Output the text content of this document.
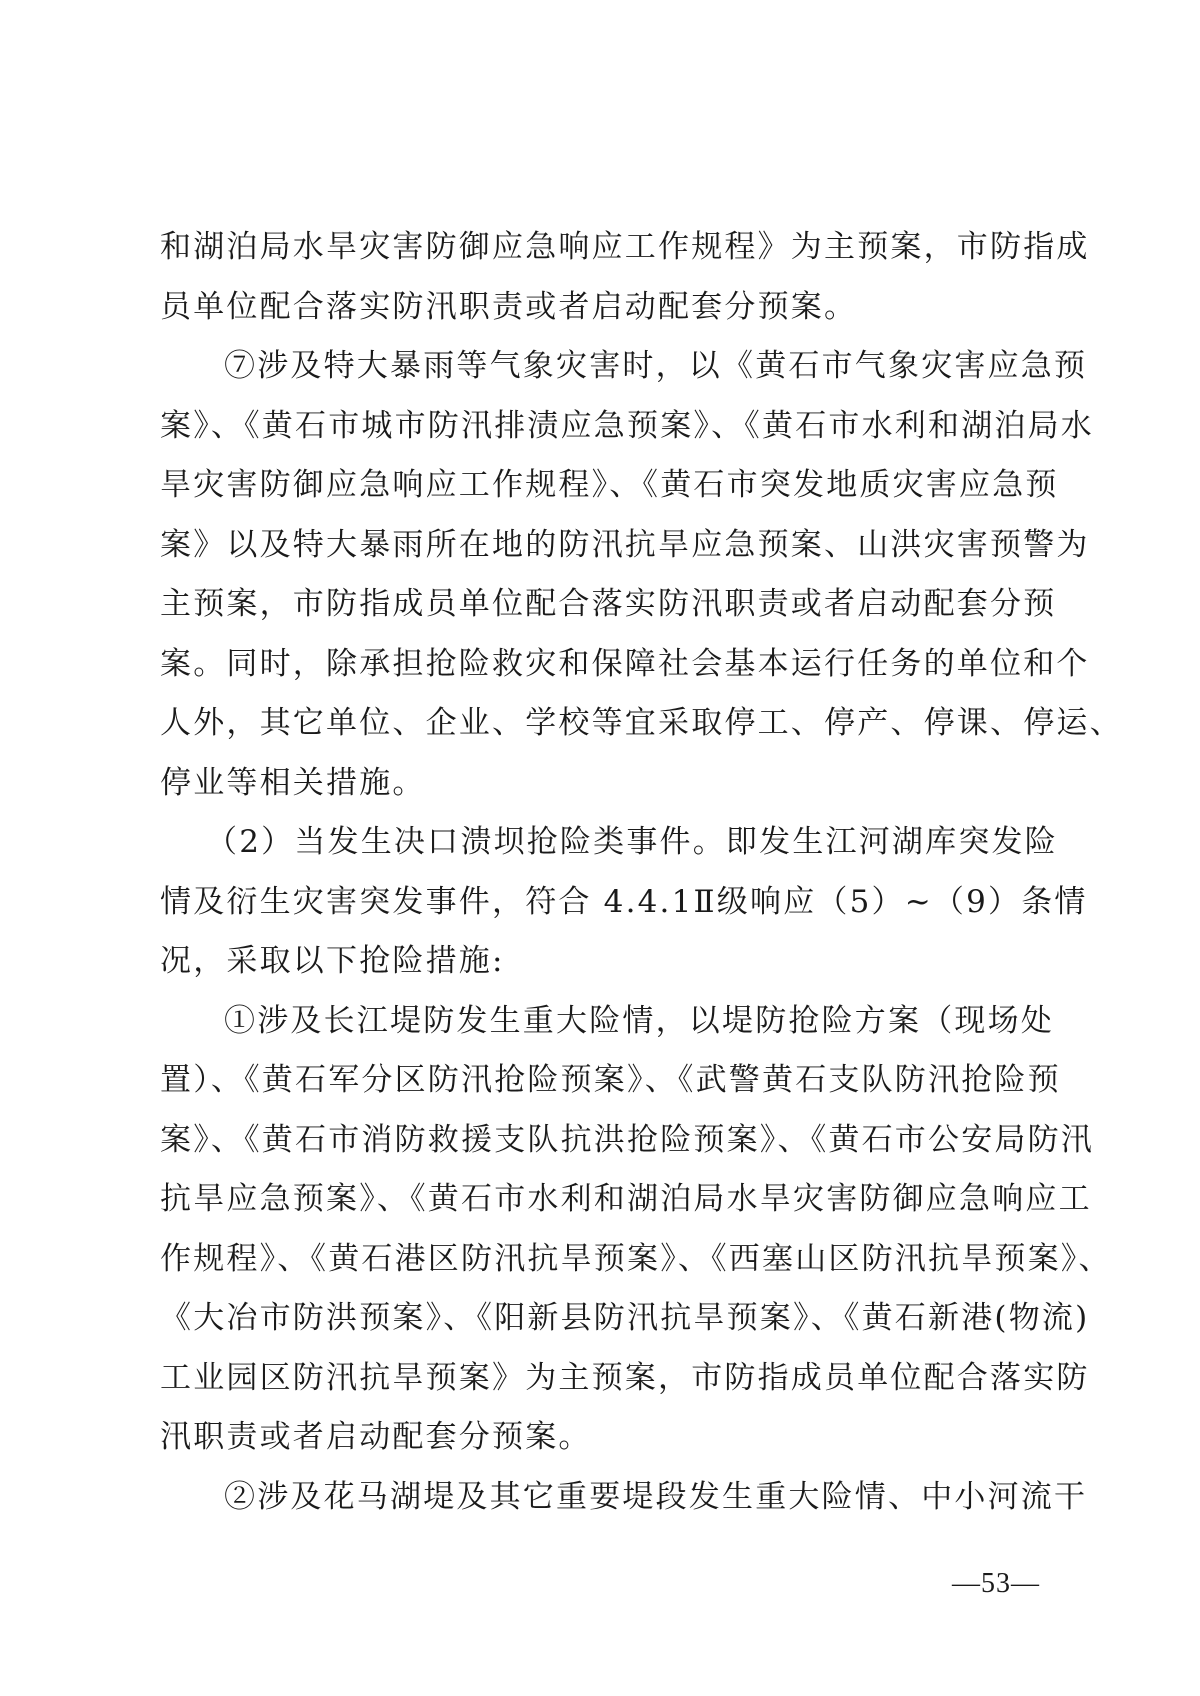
和湖泊局水旱灾害防御应急响应工作规程》为主预案，市防指成
员单位配合落实防汛职责或者启动配套分预案。
⑦涉及特大暴雨等气象灾害时，以《黄石市气象灾害应急预
案》、《黄石市城市防汛排渍应急预案》、《黄石市水利和湖泊局水
旱灾害防御应急响应工作规程》、《黄石市突发地质灾害应急预
案》以及特大暴雨所在地的防汛抗旱应急预案、山洪灾害预警为
主预案，市防指成员单位配合落实防汛职责或者启动配套分预
案。同时，除承担抢险救灾和保障社会基本运行任务的单位和个
人外，其它单位、企业、学校等宜采取停工、停产、停课、停运、
停业等相关措施。
（2）当发生决口溃坝抢险类事件。即发生江河湖库突发险
情及衍生灾害突发事件，符合 4.4.1Ⅱ级响应（5）~（9）条情
况，采取以下抢险措施:
①涉及长江堤防发生重大险情，以堤防抢险方案（现场处
置）、《黄石军分区防汛抢险预案》、《武警黄石支队防汛抢险预
案》、《黄石市消防救援支队抗洪抢险预案》、《黄石市公安局防汛
抗旱应急预案》、《黄石市水利和湖泊局水旱灾害防御应急响应工
作规程》、《黄石港区防汛抗旱预案》、《西塞山区防汛抗旱预案》、
《大冶市防洪预案》、《阳新县防汛抗旱预案》、《黄石新港(物流)
工业园区防汛抗旱预案》为主预案，市防指成员单位配合落实防
汛职责或者启动配套分预案。
②涉及花马湖堤及其它重要堤段发生重大险情、中小河流干
—53—
